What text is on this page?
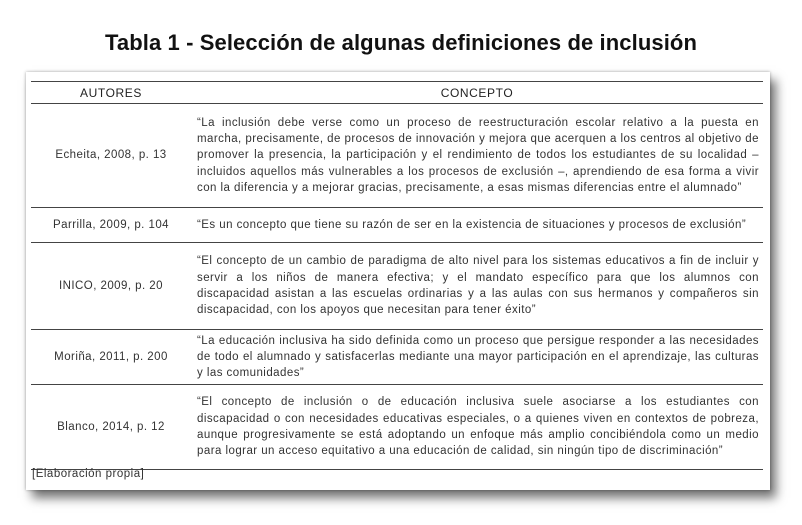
Tabla 1 - Selección de algunas definiciones de inclusión
AUTORES	CONCEPTO
Echeita, 2008, p. 13	“La inclusión debe verse como un proceso de reestructuración escolar relativo a la puesta en marcha, precisamente, de procesos de innovación y mejora que acerquen a los centros al objetivo de promover la presencia, la participación y el rendimiento de todos los estudiantes de su localidad – incluidos aquellos más vulnerables a los procesos de exclusión –, aprendiendo de esa forma a vivir con la diferencia y a mejorar gracias, precisamente, a esas mismas diferencias entre el alumnado”
Parrilla, 2009, p. 104	“Es un concepto que tiene su razón de ser en la existencia de situaciones y procesos de exclusión”
INICO, 2009, p. 20	“El concepto de un cambio de paradigma de alto nivel para los sistemas educativos a fin de incluir y servir a los niños de manera efectiva; y el mandato específico para que los alumnos con discapacidad asistan a las escuelas ordinarias y a las aulas con sus hermanos y compañeros sin discapacidad, con los apoyos que necesitan para tener éxito”
Moriña, 2011, p. 200	“La educación inclusiva ha sido definida como un proceso que persigue responder a las necesidades de todo el alumnado y satisfacerlas mediante una mayor participación en el aprendizaje, las culturas y las comunidades”
Blanco, 2014, p. 12	“El concepto de inclusión o de educación inclusiva suele asociarse a los estudiantes con discapacidad o con necesidades educativas especiales, o a quienes viven en contextos de pobreza, aunque progresivamente se está adoptando un enfoque más amplio concibiéndola como un medio para lograr un acceso equitativo a una educación de calidad, sin ningún tipo de discriminación”
[Elaboración propia]
